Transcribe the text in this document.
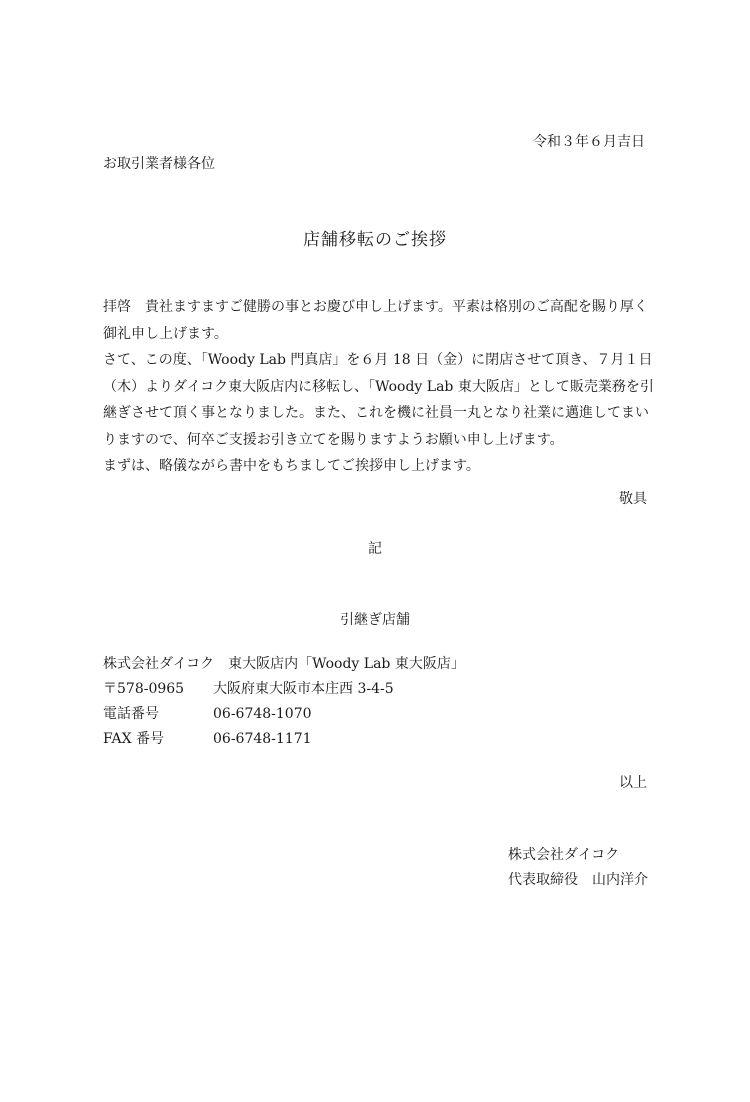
令和３年６月吉日
お取引業者様各位
店舗移転のご挨拶
拝啓　貴社ますますご健勝の事とお慶び申し上げます。平素は格別のご高配を賜り厚く
御礼申し上げます。
さて、この度、「Woody Lab 門真店」を６月 18 日（金）に閉店させて頂き、７月１日
（木）よりダイコク東大阪店内に移転し、「Woody Lab 東大阪店」として販売業務を引
継ぎさせて頂く事となりました。また、これを機に社員一丸となり社業に邁進してまい
りますので、何卒ご支援お引き立てを賜りますようお願い申し上げます。
まずは、略儀ながら書中をもちましてご挨拶申し上げます。
敬具
記
引継ぎ店舗
株式会社ダイコク　東大阪店内「Woody Lab 東大阪店」
〒578-0965 大阪府東大阪市本庄西 3-4-5
電話番号	06-6748-1070
FAX 番号	06-6748-1171
以上
株式会社ダイコク
代表取締役　山内洋介
